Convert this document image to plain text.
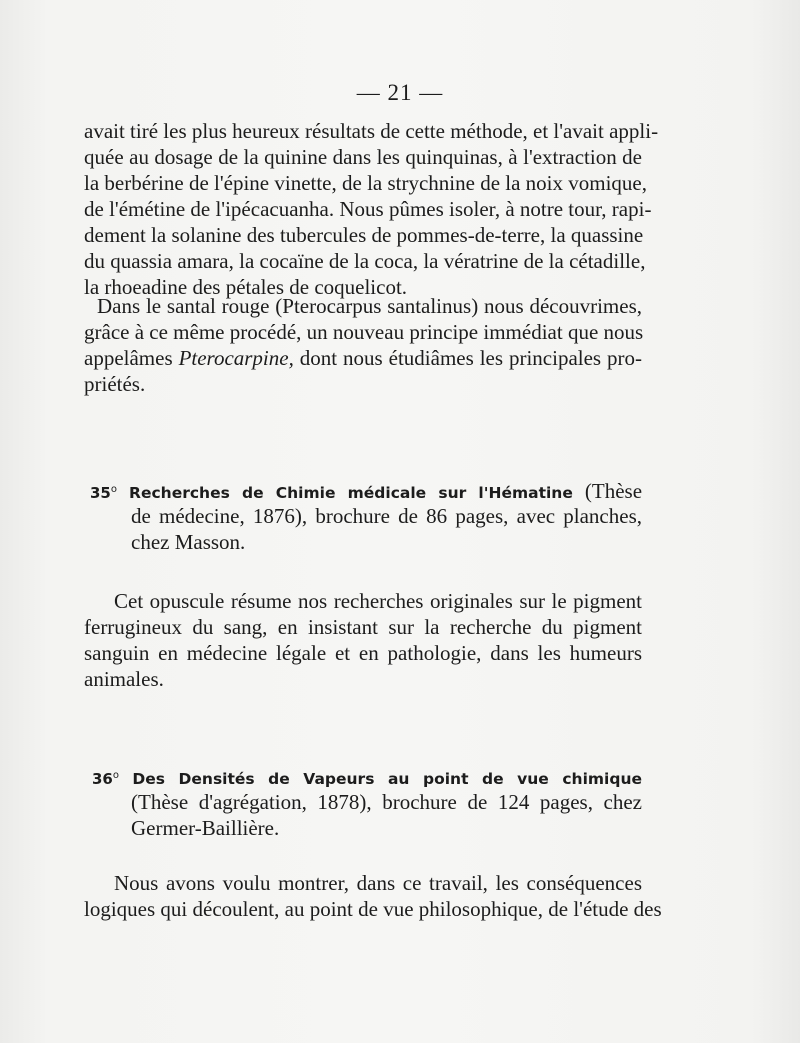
— 21 —
avait tiré les plus heureux résultats de cette méthode, et l'avait appli-
quée au dosage de la quinine dans les quinquinas, à l'extraction de
la berbérine de l'épine vinette, de la strychnine de la noix vomique,
de l'émétine de l'ipécacuanha. Nous pûmes isoler, à notre tour, rapi-
dement la solanine des tubercules de pommes-de-terre, la quassine
du quassia amara, la cocaïne de la coca, la vératrine de la cétadille,
la rhoeadine des pétales de coquelicot.
Dans le santal rouge (Pterocarpus santalinus) nous découvrimes,
grâce à ce même procédé, un nouveau principe immédiat que nous
appelâmes Pterocarpine, dont nous étudiâmes les principales pro-
priétés.
35$^o$ Recherches de Chimie médicale sur l'Hématine (Thèse
de médecine, 1876), brochure de 86 pages, avec planches,
chez Masson.
Cet opuscule résume nos recherches originales sur le pigment
ferrugineux du sang, en insistant sur la recherche du pigment
sanguin en médecine légale et en pathologie, dans les humeurs
animales.
36$^o$ Des Densités de Vapeurs au point de vue chimique
(Thèse d'agrégation, 1878), brochure de 124 pages, chez
Germer-Baillière.
Nous avons voulu montrer, dans ce travail, les conséquences
logiques qui découlent, au point de vue philosophique, de l'étude des
